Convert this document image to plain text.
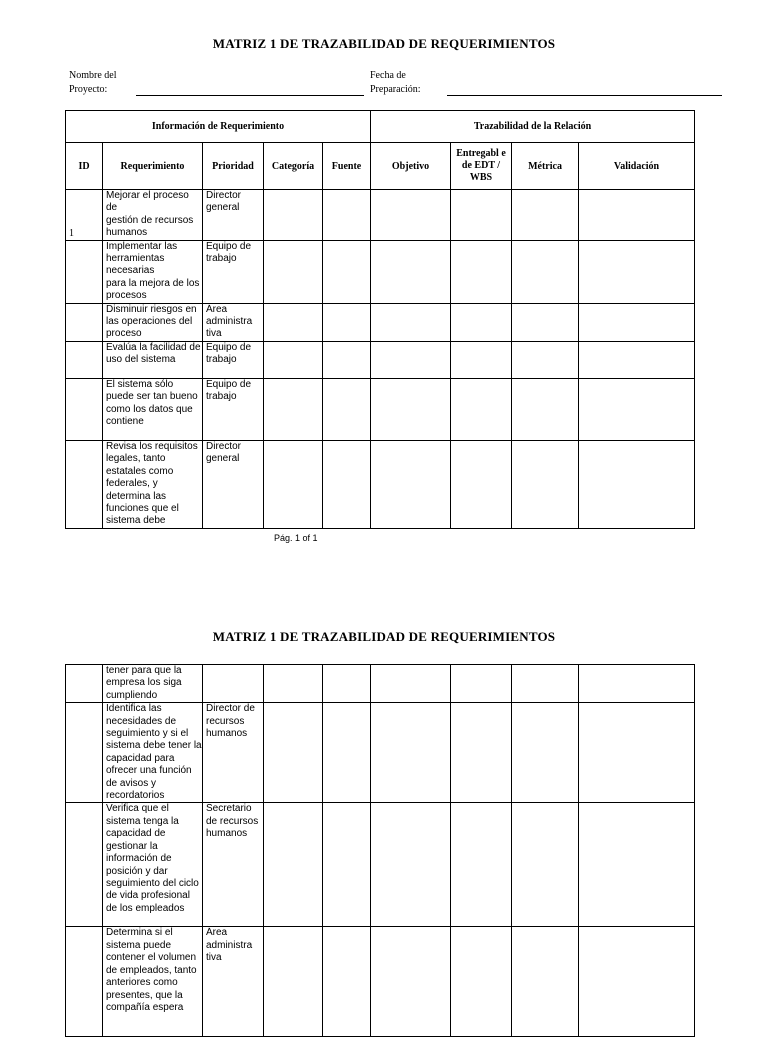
MATRIZ 1 DE TRAZABILIDAD DE REQUERIMIENTOS
Nombre del
Proyecto:
Fecha de
Preparación:
Información de Requerimiento					Trazabilidad de la Relación			
ID	Requerimiento	Prioridad	Categoría	Fuente	Objetivo	Entregabl e de EDT / WBS	Métrica	Validación
1	Mejorar el proceso de
gestión de recursos humanos	Director general						
	Implementar las herramientas necesarias
para la mejora de los procesos	Equipo de trabajo						
	Disminuir riesgos en las operaciones del proceso	Área administra tiva						
	Evalúa la facilidad de uso del sistema	Equipo de trabajo						
	El sistema sólo puede ser tan bueno como los datos que contiene	Equipo de trabajo						
	Revisa los requisitos legales, tanto estatales como federales, y determina las funciones que el sistema debe	Director general						
Pág. 1 of 1
MATRIZ 1 DE TRAZABILIDAD DE REQUERIMIENTOS
	tener para que la empresa los siga cumpliendo							
	Identifica las necesidades de seguimiento y si el sistema debe tener la capacidad para ofrecer una función de avisos y recordatorios	Director de recursos humanos						
	Verifica que el sistema tenga la capacidad de gestionar la información de posición y dar seguimiento del ciclo de vida profesional de los empleados	Secretario de recursos humanos						
	Determina si el sistema puede contener el volumen de empleados, tanto anteriores como presentes, que la compañía espera	Área administra tiva						
